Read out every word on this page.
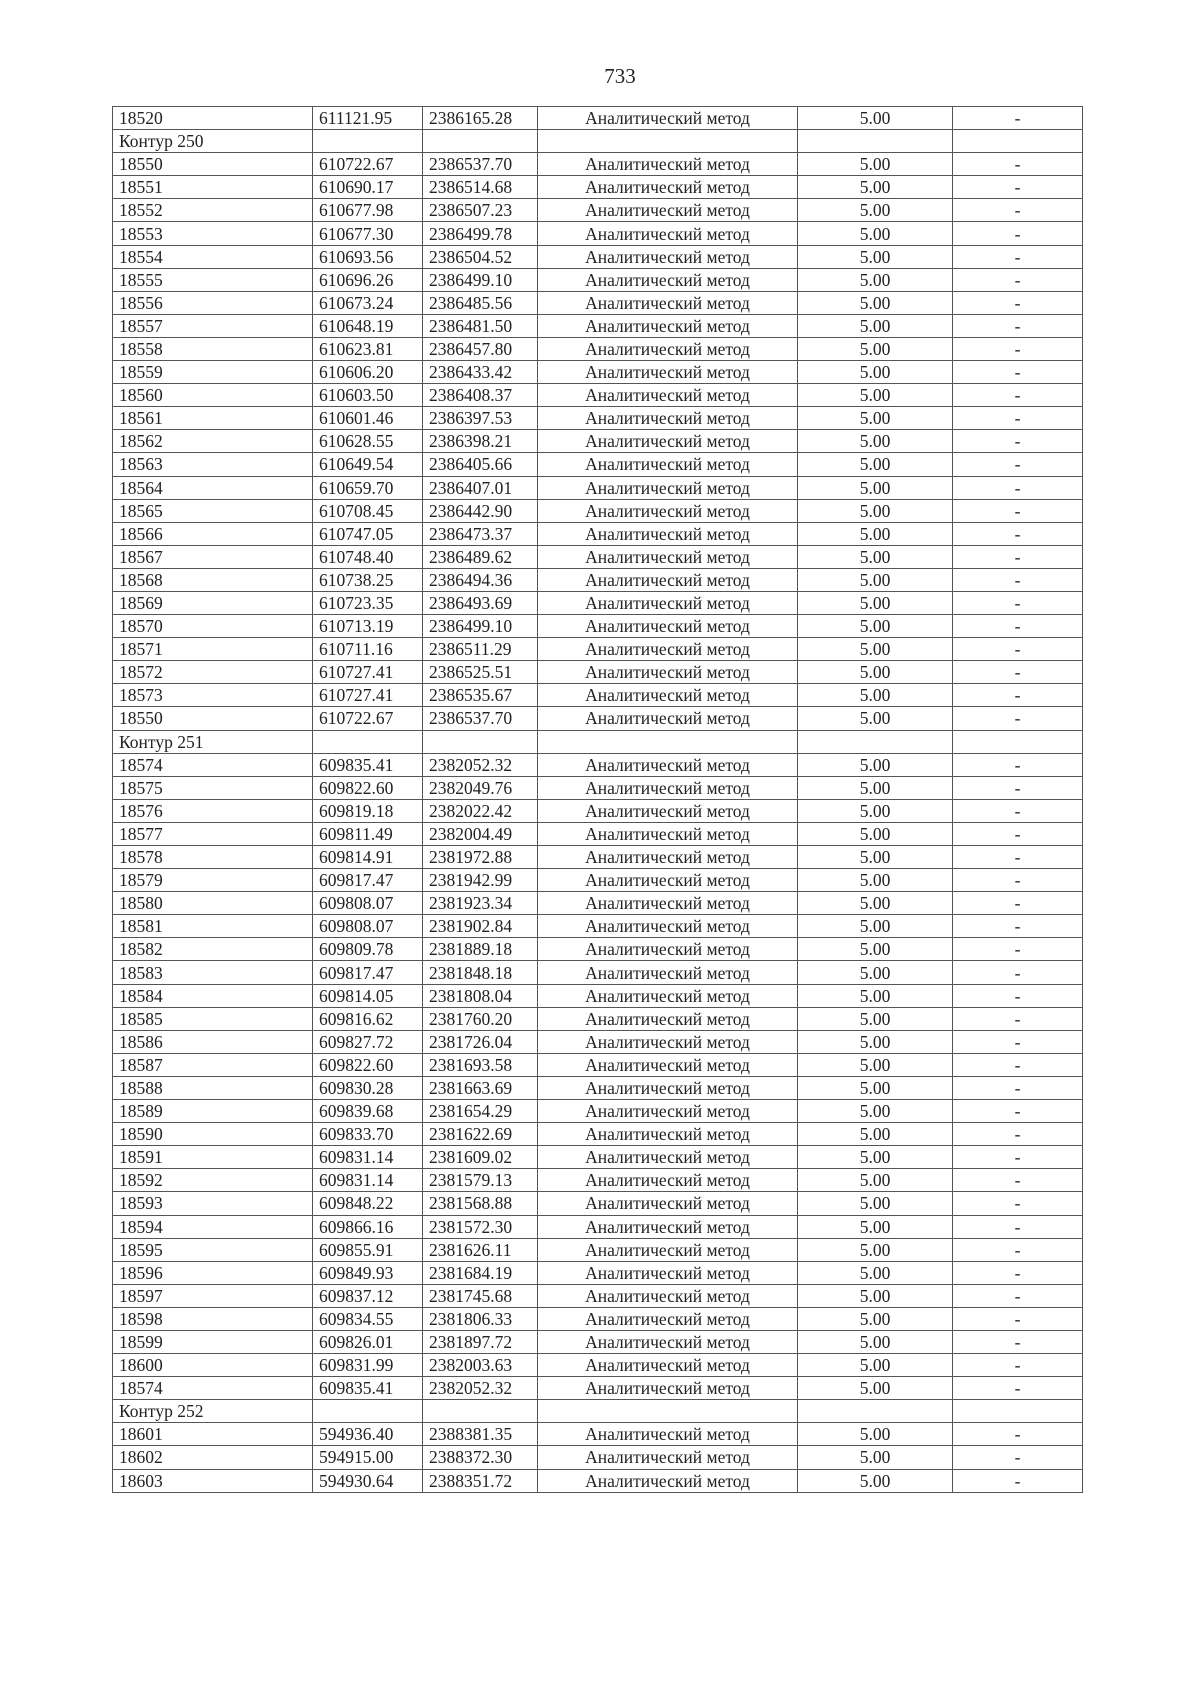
733
18520	611121.95	2386165.28	Аналитический метод	5.00	-
Контур 250					
18550	610722.67	2386537.70	Аналитический метод	5.00	-
18551	610690.17	2386514.68	Аналитический метод	5.00	-
18552	610677.98	2386507.23	Аналитический метод	5.00	-
18553	610677.30	2386499.78	Аналитический метод	5.00	-
18554	610693.56	2386504.52	Аналитический метод	5.00	-
18555	610696.26	2386499.10	Аналитический метод	5.00	-
18556	610673.24	2386485.56	Аналитический метод	5.00	-
18557	610648.19	2386481.50	Аналитический метод	5.00	-
18558	610623.81	2386457.80	Аналитический метод	5.00	-
18559	610606.20	2386433.42	Аналитический метод	5.00	-
18560	610603.50	2386408.37	Аналитический метод	5.00	-
18561	610601.46	2386397.53	Аналитический метод	5.00	-
18562	610628.55	2386398.21	Аналитический метод	5.00	-
18563	610649.54	2386405.66	Аналитический метод	5.00	-
18564	610659.70	2386407.01	Аналитический метод	5.00	-
18565	610708.45	2386442.90	Аналитический метод	5.00	-
18566	610747.05	2386473.37	Аналитический метод	5.00	-
18567	610748.40	2386489.62	Аналитический метод	5.00	-
18568	610738.25	2386494.36	Аналитический метод	5.00	-
18569	610723.35	2386493.69	Аналитический метод	5.00	-
18570	610713.19	2386499.10	Аналитический метод	5.00	-
18571	610711.16	2386511.29	Аналитический метод	5.00	-
18572	610727.41	2386525.51	Аналитический метод	5.00	-
18573	610727.41	2386535.67	Аналитический метод	5.00	-
18550	610722.67	2386537.70	Аналитический метод	5.00	-
Контур 251					
18574	609835.41	2382052.32	Аналитический метод	5.00	-
18575	609822.60	2382049.76	Аналитический метод	5.00	-
18576	609819.18	2382022.42	Аналитический метод	5.00	-
18577	609811.49	2382004.49	Аналитический метод	5.00	-
18578	609814.91	2381972.88	Аналитический метод	5.00	-
18579	609817.47	2381942.99	Аналитический метод	5.00	-
18580	609808.07	2381923.34	Аналитический метод	5.00	-
18581	609808.07	2381902.84	Аналитический метод	5.00	-
18582	609809.78	2381889.18	Аналитический метод	5.00	-
18583	609817.47	2381848.18	Аналитический метод	5.00	-
18584	609814.05	2381808.04	Аналитический метод	5.00	-
18585	609816.62	2381760.20	Аналитический метод	5.00	-
18586	609827.72	2381726.04	Аналитический метод	5.00	-
18587	609822.60	2381693.58	Аналитический метод	5.00	-
18588	609830.28	2381663.69	Аналитический метод	5.00	-
18589	609839.68	2381654.29	Аналитический метод	5.00	-
18590	609833.70	2381622.69	Аналитический метод	5.00	-
18591	609831.14	2381609.02	Аналитический метод	5.00	-
18592	609831.14	2381579.13	Аналитический метод	5.00	-
18593	609848.22	2381568.88	Аналитический метод	5.00	-
18594	609866.16	2381572.30	Аналитический метод	5.00	-
18595	609855.91	2381626.11	Аналитический метод	5.00	-
18596	609849.93	2381684.19	Аналитический метод	5.00	-
18597	609837.12	2381745.68	Аналитический метод	5.00	-
18598	609834.55	2381806.33	Аналитический метод	5.00	-
18599	609826.01	2381897.72	Аналитический метод	5.00	-
18600	609831.99	2382003.63	Аналитический метод	5.00	-
18574	609835.41	2382052.32	Аналитический метод	5.00	-
Контур 252					
18601	594936.40	2388381.35	Аналитический метод	5.00	-
18602	594915.00	2388372.30	Аналитический метод	5.00	-
18603	594930.64	2388351.72	Аналитический метод	5.00	-
